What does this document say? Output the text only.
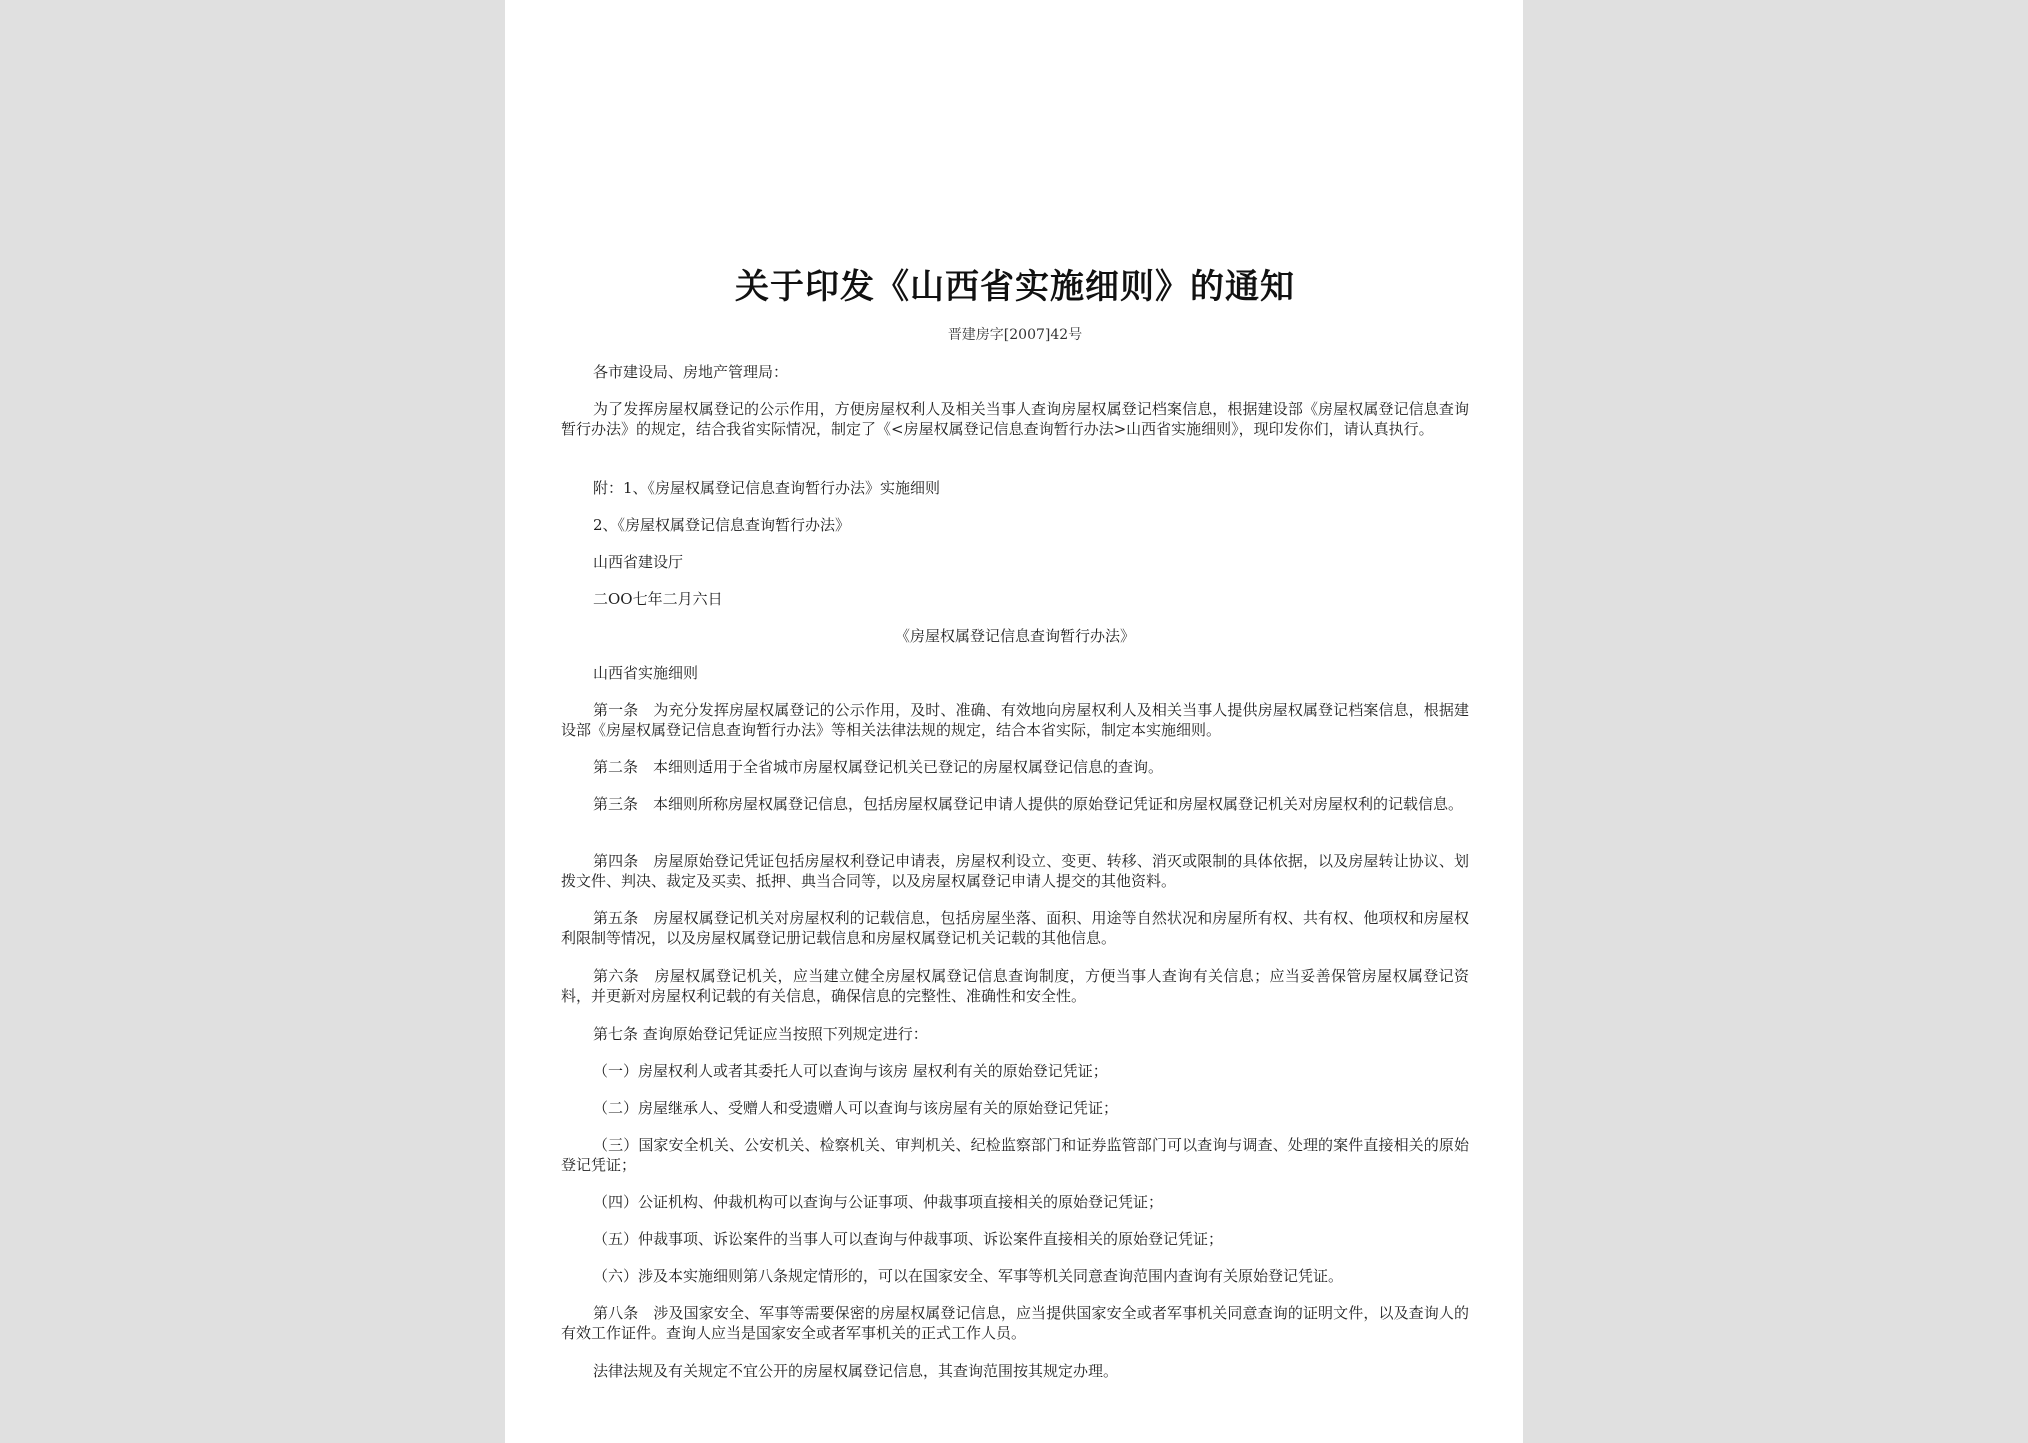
关于印发《山西省实施细则》的通知
晋建房字[2007]42号

各市建设局、房地产管理局：

为了发挥房屋权属登记的公示作用，方便房屋权利人及相关当事人查询房屋权属登记档案信息，根据建设部《房屋权属登记信息查询暂行办法》的规定，结合我省实际情况，制定了《<房屋权属登记信息查询暂行办法>山西省实施细则》，现印发你们，请认真执行。

附：1、《房屋权属登记信息查询暂行办法》实施细则

2、《房屋权属登记信息查询暂行办法》

山西省建设厅

二OO七年二月六日

《房屋权属登记信息查询暂行办法》

山西省实施细则

第一条　为充分发挥房屋权属登记的公示作用，及时、准确、有效地向房屋权利人及相关当事人提供房屋权属登记档案信息，根据建设部《房屋权属登记信息查询暂行办法》等相关法律法规的规定，结合本省实际，制定本实施细则。

第二条　本细则适用于全省城市房屋权属登记机关已登记的房屋权属登记信息的查询。

第三条　本细则所称房屋权属登记信息，包括房屋权属登记申请人提供的原始登记凭证和房屋权属登记机关对房屋权利的记载信息。

第四条　房屋原始登记凭证包括房屋权利登记申请表，房屋权利设立、变更、转移、消灭或限制的具体依据，以及房屋转让协议、划拨文件、判决、裁定及买卖、抵押、典当合同等，以及房屋权属登记申请人提交的其他资料。

第五条　房屋权属登记机关对房屋权利的记载信息，包括房屋坐落、面积、用途等自然状况和房屋所有权、共有权、他项权和房屋权利限制等情况，以及房屋权属登记册记载信息和房屋权属登记机关记载的其他信息。

第六条　房屋权属登记机关，应当建立健全房屋权属登记信息查询制度，方便当事人查询有关信息；应当妥善保管房屋权属登记资料，并更新对房屋权利记载的有关信息，确保信息的完整性、准确性和安全性。

第七条 查询原始登记凭证应当按照下列规定进行：

（一）房屋权利人或者其委托人可以查询与该房 屋权利有关的原始登记凭证；

（二）房屋继承人、受赠人和受遗赠人可以查询与该房屋有关的原始登记凭证；

（三）国家安全机关、公安机关、检察机关、审判机关、纪检监察部门和证券监管部门可以查询与调查、处理的案件直接相关的原始登记凭证；

（四）公证机构、仲裁机构可以查询与公证事项、仲裁事项直接相关的原始登记凭证；

（五）仲裁事项、诉讼案件的当事人可以查询与仲裁事项、诉讼案件直接相关的原始登记凭证；

（六）涉及本实施细则第八条规定情形的，可以在国家安全、军事等机关同意查询范围内查询有关原始登记凭证。

第八条　涉及国家安全、军事等需要保密的房屋权属登记信息，应当提供国家安全或者军事机关同意查询的证明文件，以及查询人的有效工作证件。查询人应当是国家安全或者军事机关的正式工作人员。

法律法规及有关规定不宜公开的房屋权属登记信息，其查询范围按其规定办理。
